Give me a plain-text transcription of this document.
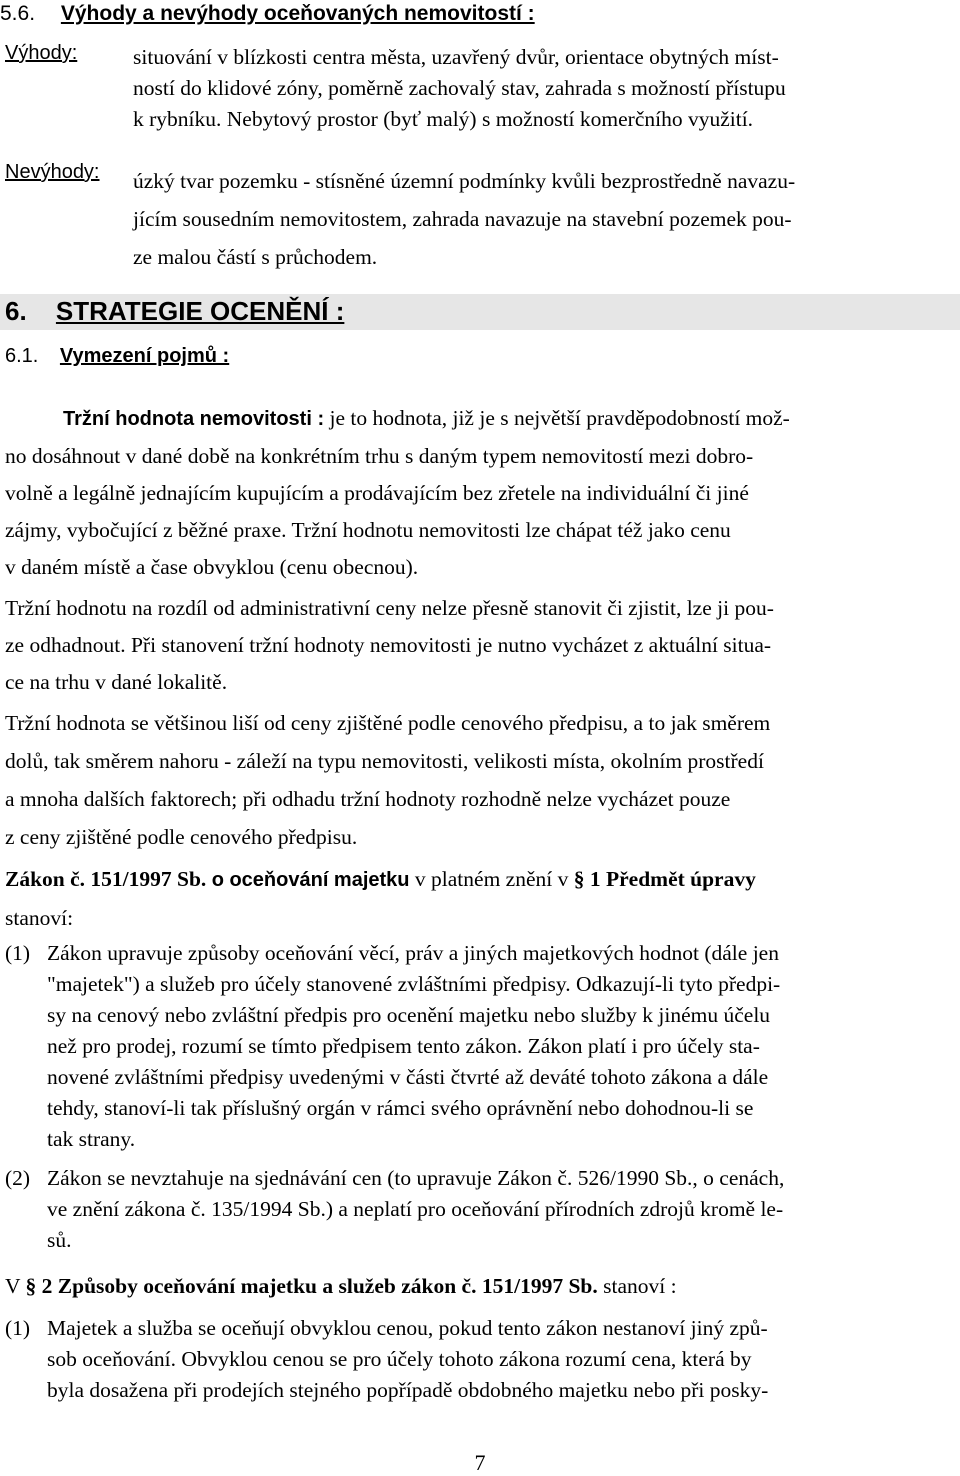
5.6. Výhody a nevýhody oceňovaných nemovitostí :
Výhody:	situování v blízkosti centra města, uzavřený dvůr, orientace obytných míst-
ností do klidové zóny, poměrně zachovalý stav, zahrada s možností přístupu
k rybníku. Nebytový prostor (byť malý) s možností komerčního využití.
Nevýhody: úzký tvar pozemku - stísněné územní podmínky kvůli bezprostředně navazu-
jícím sousedním nemovitostem, zahrada navazuje na stavební pozemek pou-
ze malou částí s průchodem.
6. STRATEGIE OCENĚNÍ :
6.1. Vymezení pojmů :
Tržní hodnota nemovitosti : je to hodnota, již je s největší pravděpodobností mož-
no dosáhnout v dané době na konkrétním trhu s daným typem nemovitostí mezi dobro-
volně a legálně jednajícím kupujícím a prodávajícím bez zřetele na individuální či jiné
zájmy, vybočující z běžné praxe. Tržní hodnotu nemovitosti lze chápat též jako cenu
v daném místě a čase obvyklou (cenu obecnou).
Tržní hodnotu na rozdíl od administrativní ceny nelze přesně stanovit či zjistit, lze ji pou-
ze odhadnout. Při stanovení tržní hodnoty nemovitosti je nutno vycházet z aktuální situa-
ce na trhu v dané lokalitě.
Tržní hodnota se většinou liší od ceny zjištěné podle cenového předpisu, a to jak směrem
dolů, tak směrem nahoru - záleží na typu nemovitosti, velikosti místa, okolním prostředí
a mnoha dalších faktorech; při odhadu tržní hodnoty rozhodně nelze vycházet pouze
z ceny zjištěné podle cenového předpisu.
Zákon č. 151/1997 Sb. o oceňování majetku v platném znění v § 1 Předmět úpravy
stanoví:
(1) Zákon upravuje způsoby oceňování věcí, práv a jiných majetkových hodnot (dále jen
"majetek") a služeb pro účely stanovené zvláštními předpisy. Odkazují-li tyto předpi-
sy na cenový nebo zvláštní předpis pro ocenění majetku nebo služby k jinému účelu
než pro prodej, rozumí se tímto předpisem tento zákon. Zákon platí i pro účely sta-
novené zvláštními předpisy uvedenými v části čtvrté až deváté tohoto zákona a dále
tehdy, stanoví-li tak příslušný orgán v rámci svého oprávnění nebo dohodnou-li se
tak strany.
(2) Zákon se nevztahuje na sjednávání cen (to upravuje Zákon č. 526/1990 Sb., o cenách,
ve znění zákona č. 135/1994 Sb.) a neplatí pro oceňování přírodních zdrojů kromě le-
sů.
V § 2 Způsoby oceňování majetku a služeb zákon č. 151/1997 Sb. stanoví :
(1) Majetek a služba se oceňují obvyklou cenou, pokud tento zákon nestanoví jiný způ-
sob oceňování. Obvyklou cenou se pro účely tohoto zákona rozumí cena, která by
byla dosažena při prodejích stejného popřípadě obdobného majetku nebo při posky-
7
